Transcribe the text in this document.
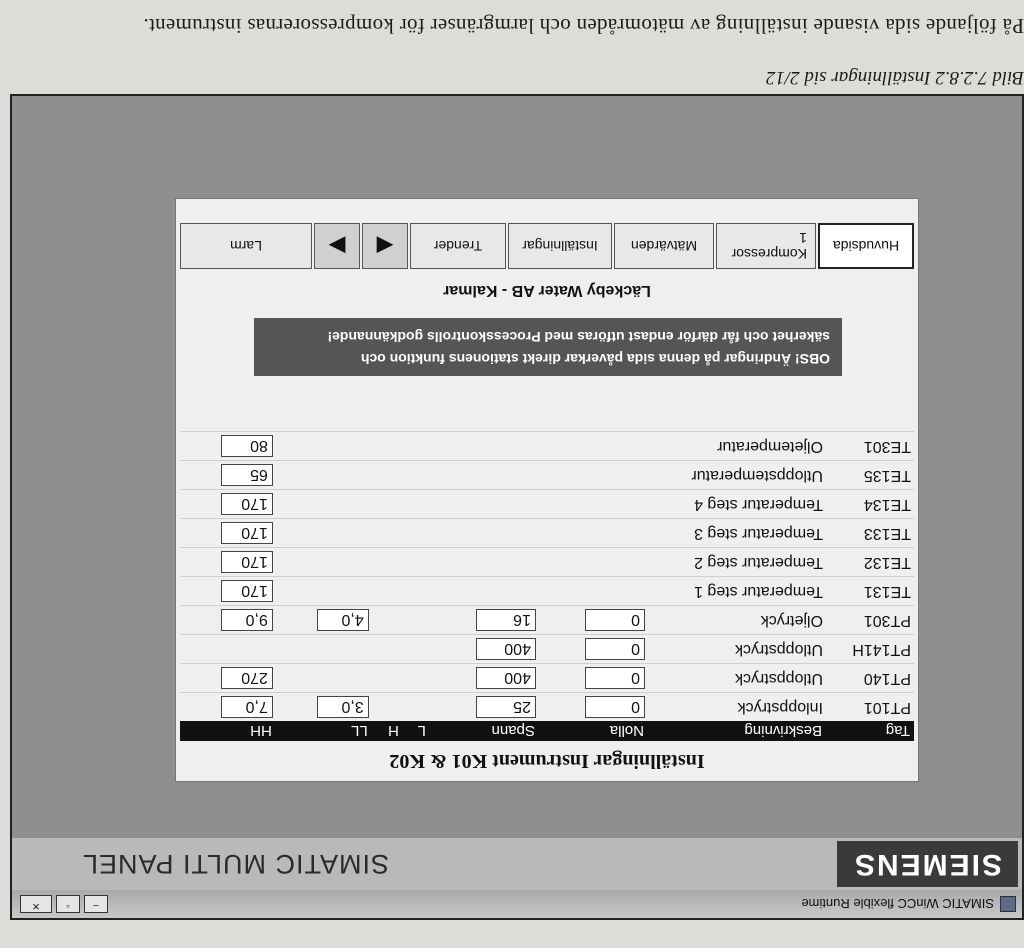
På följande sida visande inställning av mätområden och larmgränser för kompressorernas instrument.
Bild 7.2.8.2 Inställningar sid 2/12
SIMATIC WinCC flexible Runtime
–
▫
✕
SIEMENS
SIMATIC MULTI PANEL
Inställningar Instrument K01 & K02
Tag	Beskrivning	Nolla	Spann	L	H	LL	HH
PT101	Inloppstryck	0	25			3,0	7,0
PT140	Utloppstryck	0	400				270
PT141H	Utloppstryck	0	400				
PT301	Oljetryck	0	16			4,0	9,0
TE131	Temperatur steg 1						170
TE132	Temperatur steg 2						170
TE133	Temperatur steg 3						170
TE134	Temperatur steg 4						170
TE135	Utloppstemperatur						65
TE301	Oljetemperatur						80
OBS! Ändringar på denna sida påverkar direkt stationens funktion och
säkerhet och får därför endast utföras med Processkontrolls godkännande!
Läckeby Water AB - Kalmar
Huvudsida
Kompressor 1
Mätvärden
Inställningar
Trender
◀
▶
Larm
